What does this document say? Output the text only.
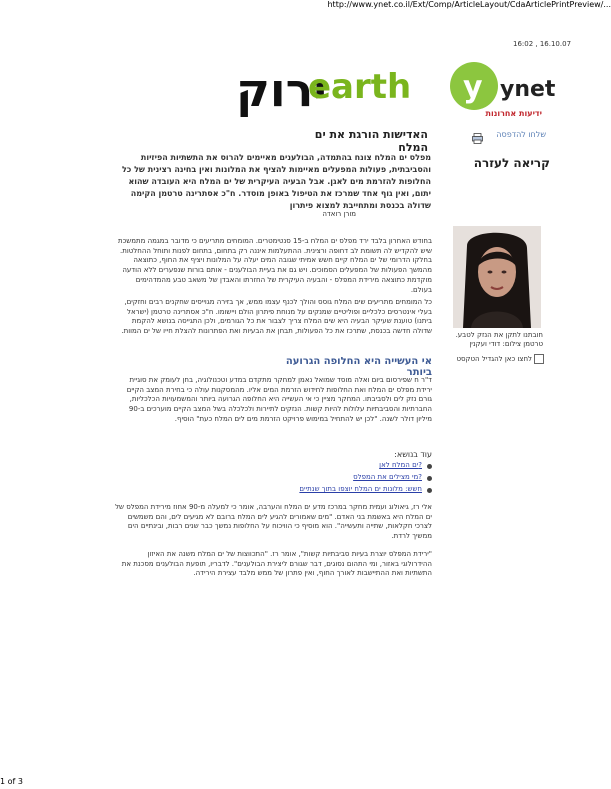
http://www.ynet.co.il/Ext/Comp/ArticleLayout/CdaArticlePrintPreview/...
16:02 , 16.10.07
ירוק
earth y ynet
ידיעות אחרונות
האדישות הורגת את ים המלח
שלחו להדפסה
קריאה לעזרה
מפלס ים המלח צונח בהתמדה, הבולענים מאיימים להרוס את התשתיות הפיזיות והסביבתית, פעולות המפעלים מאיימות להציף את המלונות ואין בחינה רצינית של כל החלופות להזרמת מים לאגן. אבל הבעיה העיקרית של ים המלח היא העובדה שהוא יתום, ואין גוף אחד שמרכז את הטיפול באופן מוסדר. ח"כ אסתרינה טרטמן הקימה שדולה בכנסת ומתחייבת למצוא פיתרון
מורן רואדה
חובתנו לתקן את הנזק לטבע. טרטמן צילום: דודי ועקנין
לחצו כאן להגדיל הטקסט
בחודש האחרון בלבד ירד מפלס ים המלח ב-15 סנטימטרים. המומחים מתריעים כי מדובר במגמה מתמשכת שיש להקדיש לה תשומת לב דחופה ורצינית. ההתעלמות איננה רק בתחום, בתחום לפנות ותוחל ההחלטות. בחלקו הדרומי של ים המלח קיים חשש אמיתי שגובה המים יעלה על המלונות ויציף את החוף, כתוצאה מהמשך הפעולות של המפעלים הסמוכים. ויש גם את בעיית הבולענים - אותם בורות שנפערים ללא הודעה מוקדמת כתוצאה מירידת המפלס - והבעיה העיקרית של החזרתו והאבדן של משאב טבע מהמדהימים בעולם.
כל המומחים מתריעים שים המלח גוסס והולך לכנף עצמו ממש, אך בזירה מגוייסים שחקנים רבים וחזקים, בעלי אינטרסים כלכליים ופוליטיים שמנקים על מנוחת פיתרון הולם ויישומו. ח"כ אסתרינה טרטמן (ישראל ביתנו) טוענת שעיקר הבעיה היא שים המלח צריך לצבור את כל הגורמים, ולכן התגייסה בנושא להקמת שדולה חדשה בכנסת, שתרכז את כל הפעולות, תבחן את הבעיות ואת הפתרונות להצלת חייו של ים המוות.
אי העשייה היא החלופה הגרועה ביותר
ד"ר ח שפירסום ביום ואלה מוסד שמואל נאמן למחקר מתקדם במדע וטכנולוגיה, בחן לעומק את סוגיית ירידת מפלס ים המלח ואת החלופות לחידוש הזרמת המים אליו. מהמסקנות עולה כי בחירת המצב הקיים גורם נזק לים ולסביבתו. המחקר מציין כי אי העשייה היא החלופה הגרועה ביותר והמשמעויות הכלכליות, החברתיות והסביבתיות עלולות להיות קשות. הנזקים לתיירות ולכלכלה בשל המצב הקיים מוערכים ב-90 מיליון דולר לשנה. "לכן יש להתחיל במימוש פרויקט הזרמת מים לים המלח כעת" הוסיף.
עוד בנושא:
ים המלח לאן?
מי מצילים את המפלס?
חשש: מלונות ים המלח יוצפו בתוך שנתיים
אלי רז, גיאולוג ועמית מחקר במרכז מדע ים המלח והערבה, אומר כי למעלה מ-90 אחוז מירידת המפלס של ים המלח היא באשמת בני האדם. "מים שאמורים להגיע לים המלח ברובם לא מגיעים לים, והם משמשים לצרכי חקלאות, שתייה ותעשייה". הוא מוסיף כי הוויכוח על החלופות נמשך כבר שנים רבות, ובינתיים הים ממשיך לרדת.
"ירידת המפלס יוצרת בעיות סביבתיות קשות", אומר רז. "התכווצות של ים המלח משנה את האיזון ההידרולוגי באזור, ומי התהום נסוגים, דבר שגורם ליצירת הבולענים". לדבריו, תופעת הבולענים מסכנת את התשתיות ואת ההתיישבות לאורך החוף, ואין פתרון של ממש מלבד עצירת הירידה.
1 of 3
